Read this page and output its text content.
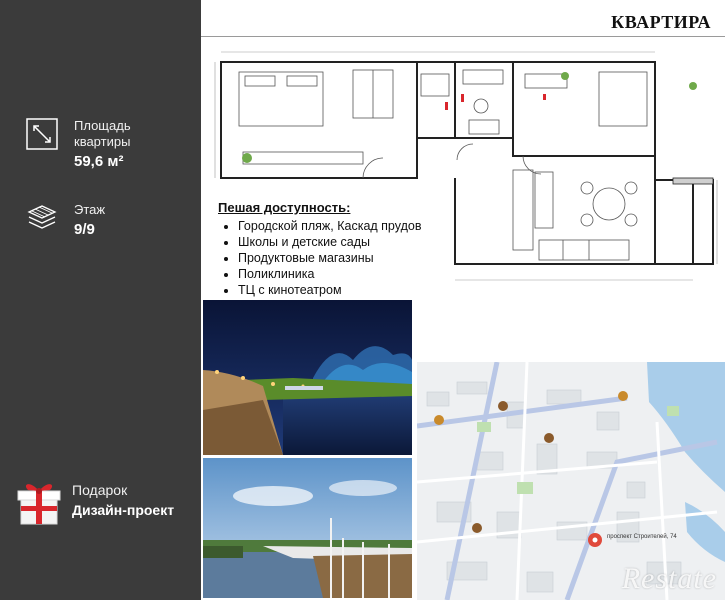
Площадь
квартиры
59,6 м²
Этаж
9/9
Подарок
Дизайн-проект
КВАРТИРА
Пешая доступность:
• Городской пляж, Каскад прудов
• Школы и детские сады
• Продуктовые магазины
• Поликлиника
• ТЦ с кинотеатром
проспект Строителей, 74
Restate
